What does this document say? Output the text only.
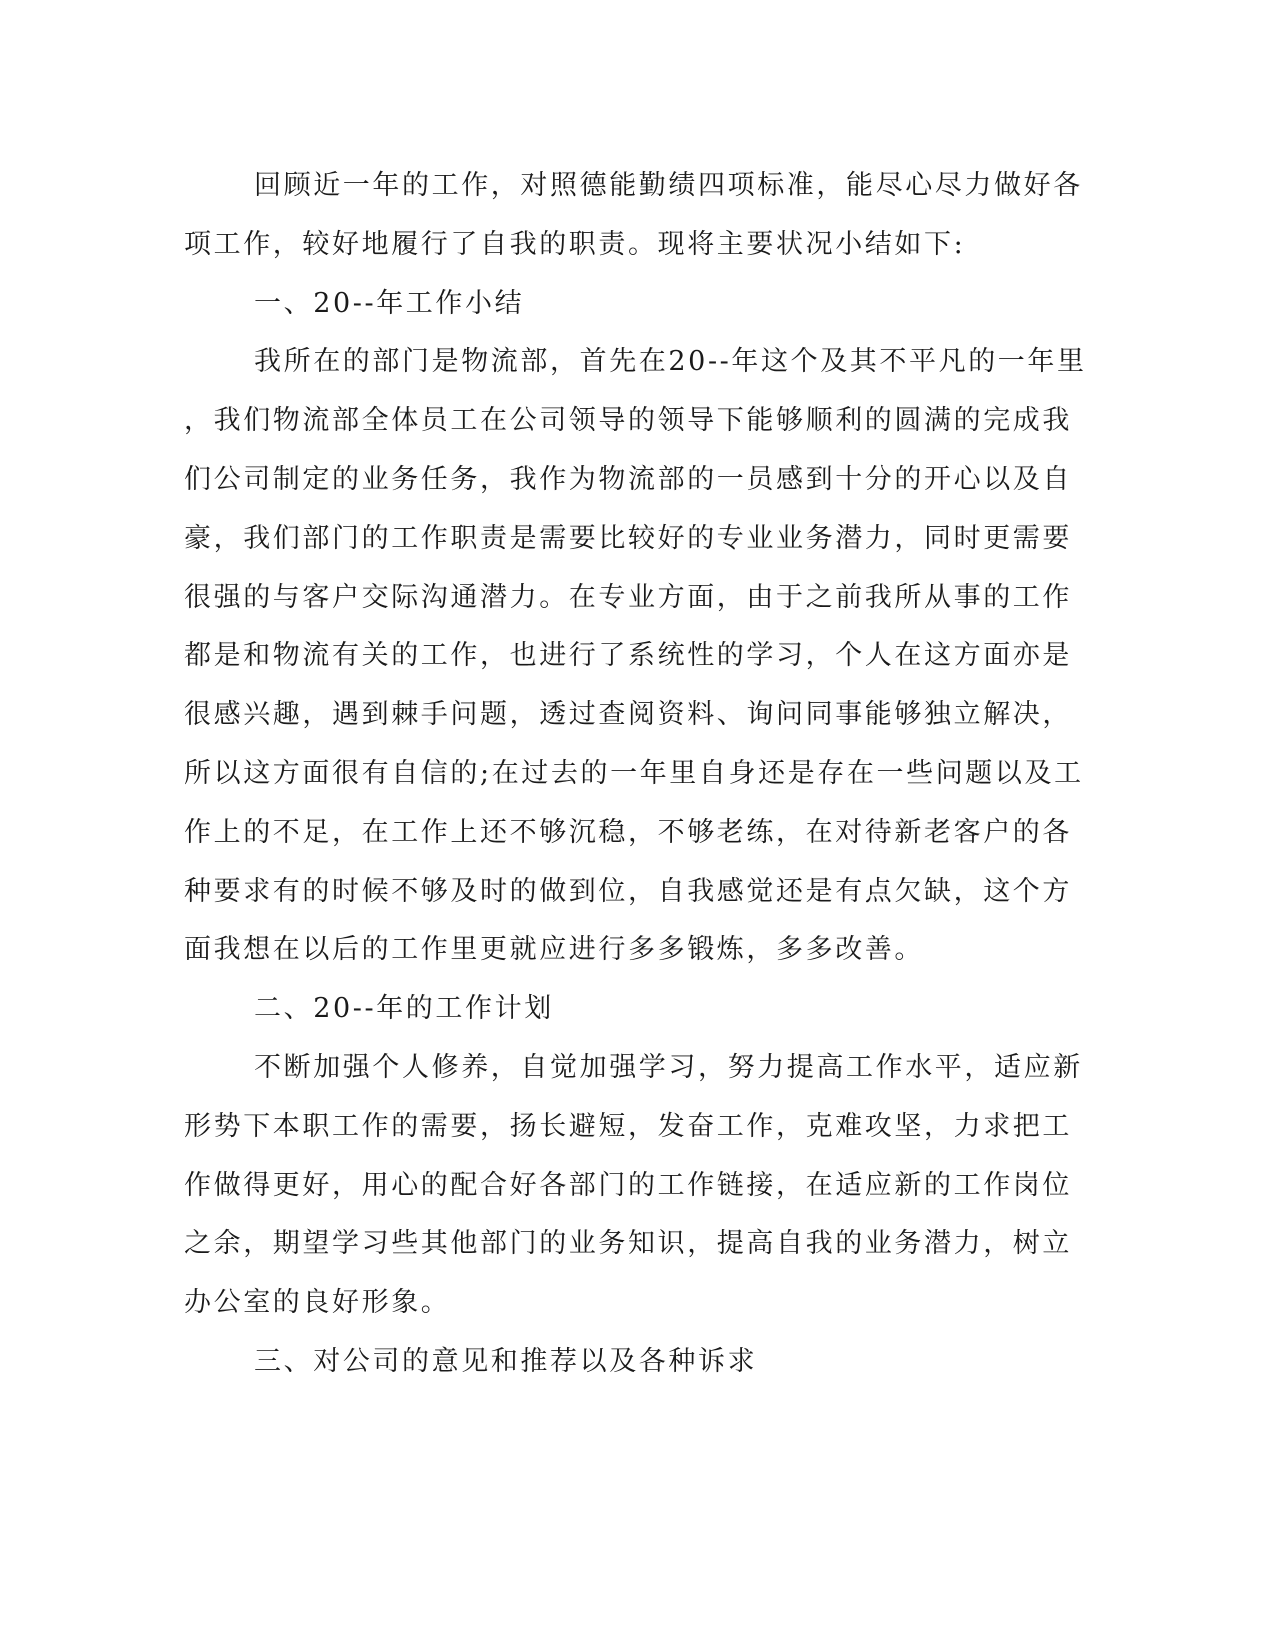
回顾近一年的工作，对照德能勤绩四项标准，能尽心尽力做好各
项工作，较好地履行了自我的职责。现将主要状况小结如下:
一、20--年工作小结
我所在的部门是物流部，首先在20--年这个及其不平凡的一年里
，我们物流部全体员工在公司领导的领导下能够顺利的圆满的完成我
们公司制定的业务任务，我作为物流部的一员感到十分的开心以及自
豪，我们部门的工作职责是需要比较好的专业业务潜力，同时更需要
很强的与客户交际沟通潜力。在专业方面，由于之前我所从事的工作
都是和物流有关的工作，也进行了系统性的学习，个人在这方面亦是
很感兴趣，遇到棘手问题，透过查阅资料、询问同事能够独立解决，
所以这方面很有自信的;在过去的一年里自身还是存在一些问题以及工
作上的不足，在工作上还不够沉稳，不够老练，在对待新老客户的各
种要求有的时候不够及时的做到位，自我感觉还是有点欠缺，这个方
面我想在以后的工作里更就应进行多多锻炼，多多改善。
二、20--年的工作计划
不断加强个人修养，自觉加强学习，努力提高工作水平，适应新
形势下本职工作的需要，扬长避短，发奋工作，克难攻坚，力求把工
作做得更好，用心的配合好各部门的工作链接，在适应新的工作岗位
之余，期望学习些其他部门的业务知识，提高自我的业务潜力，树立
办公室的良好形象。
三、对公司的意见和推荐以及各种诉求
